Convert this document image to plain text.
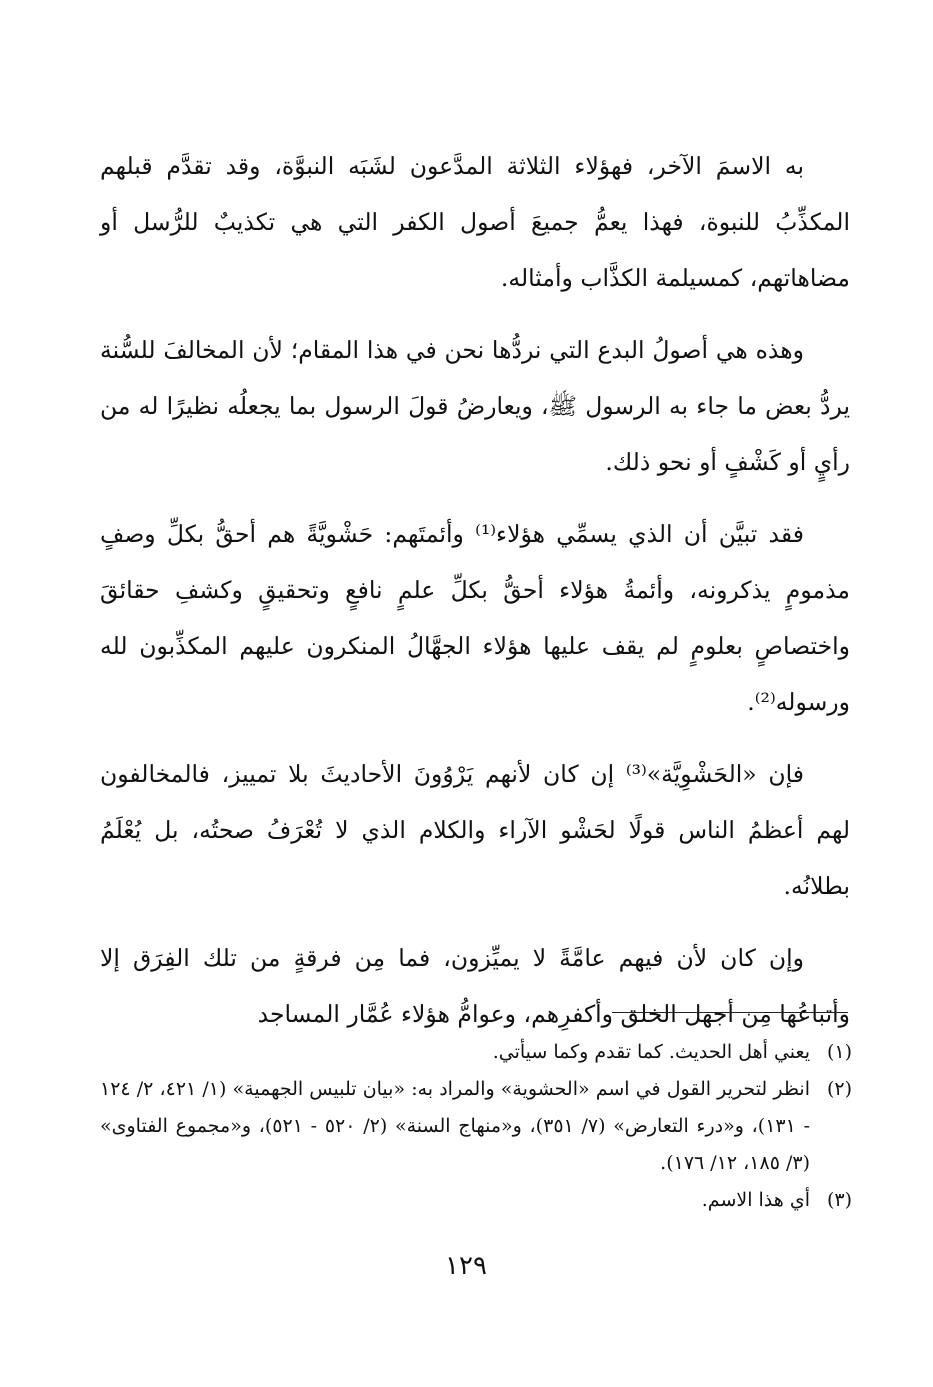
به الاسمَ الآخر، فهؤلاء الثلاثة المدَّعون لشَبَه النبوَّة، وقد تقدَّم قبلهم المكذِّبُ للنبوة، فهذا يعمُّ جميعَ أصول الكفر التي هي تكذيبٌ للرُّسل أو مضاهاتهم، كمسيلمة الكذَّاب وأمثاله.

وهذه هي أصولُ البدع التي نردُّها نحن في هذا المقام؛ لأن المخالفَ للسُّنة يردُّ بعض ما جاء به الرسول ﷺ، ويعارضُ قولَ الرسول بما يجعلُه نظيرًا له من رأيٍ أو كَشْفٍ أو نحو ذلك.

فقد تبيَّن أن الذي يسمِّي هؤلاء⁽¹⁾ وأئمتَهم: حَشْويَّةً هم أحقُّ بكلِّ وصفٍ مذمومٍ يذكرونه، وأئمةُ هؤلاء أحقُّ بكلِّ علمٍ نافعٍ وتحقيقٍ وكشفِ حقائقَ واختصاصٍ بعلومٍ لم يقف عليها هؤلاء الجهَّالُ المنكرون عليهم المكذِّبون لله ورسوله⁽²⁾.

فإن «الحَشْوِيَّة»⁽³⁾ إن كان لأنهم يَرْوُونَ الأحاديثَ بلا تمييز، فالمخالفون لهم أعظمُ الناس قولًا لحَشْو الآراء والكلام الذي لا تُعْرَفُ صحتُه، بل يُعْلَمُ بطلانُه.

وإن كان لأن فيهم عامَّةً لا يميِّزون، فما مِن فرقةٍ من تلك الفِرَق إلا وأتباعُها مِن أجهل الخلق وأكفرِهم، وعوامُّ هؤلاء عُمَّار المساجد

(١)
يعني أهل الحديث. كما تقدم وكما سيأتي.
(٢)
انظر لتحرير القول في اسم «الحشوية» والمراد به: «بيان تلبيس الجهمية» (١/ ٤٢١، ٢/ ١٢٤ - ١٣١)، و«درء التعارض» (٧/ ٣٥١)، و«منهاج السنة» (٢/ ٥٢٠ - ٥٢١)، و«مجموع الفتاوى» (٣/ ١٨٥، ١٢/ ١٧٦).
(٣)
أي هذا الاسم.
١٢٩
